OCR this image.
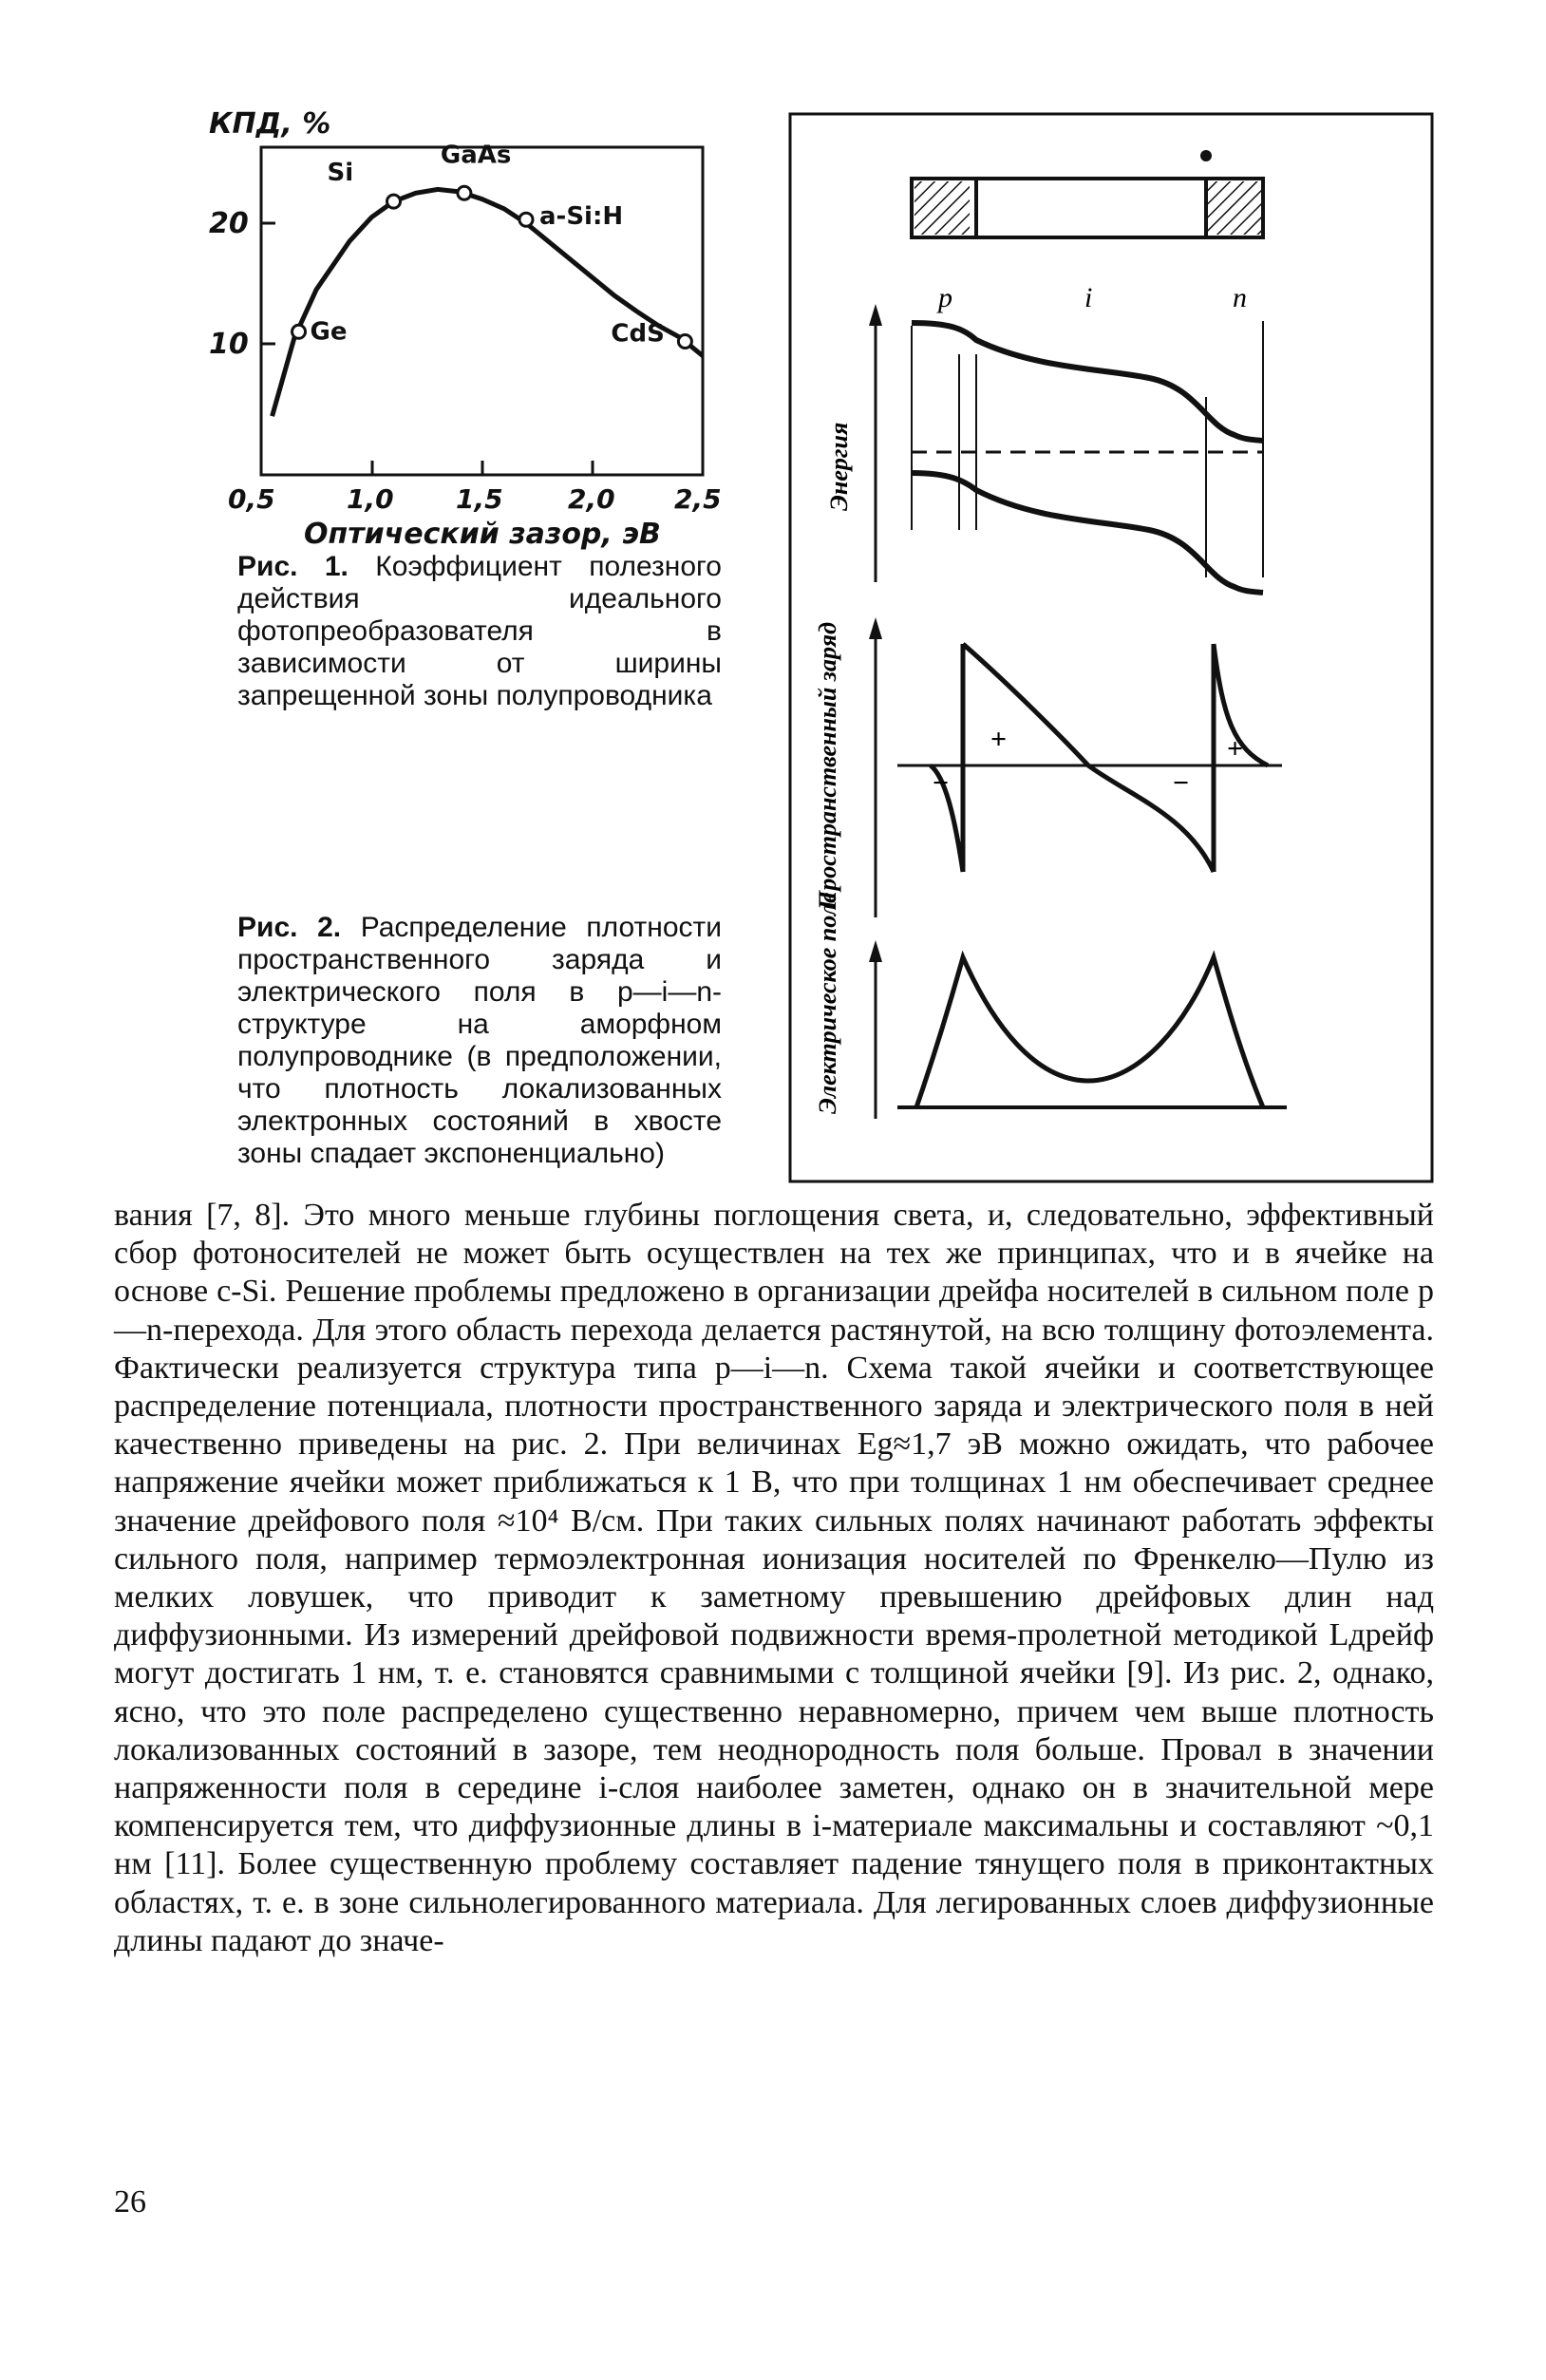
КПД, %
20
10
0,5	1,0 1,5 2,0 2,5
Оптический зазор, эВ
Ge
Si
GaAs
a-Si:H
CdS
Рис. 1. Коэффициент полезного действия идеального фотопреобразователя в зависимости от ширины запрещенной зоны полупроводника
Рис. 2. Распределение плотности пространственного заряда и электрического поля в p—i—n-структуре на аморфном полупроводнике (в предположении, что плотность локализованных электронных состояний в хвосте зоны спадает экспоненциально)
p	i	n
Энергия
Пространственный заряд	+	+
−	−
Электрическое поле

вания [7, 8]. Это много меньше глубины поглощения света, и, следовательно, эффективный сбор фотоносителей не может быть осуществлен на тех же принципах, что и в ячейке на основе c-Si. Решение проблемы предложено в организации дрейфа носителей в сильном поле p—n-перехода. Для этого область перехода делается растянутой, на всю толщину фотоэлемента. Фактически реализуется структура типа p—i—n. Схема такой ячейки и соответствующее распределение потенциала, плотности пространственного заряда и электрического поля в ней качественно приведены на рис. 2. При величинах Eg≈1,7 эВ можно ожидать, что рабочее напряжение ячейки может приближаться к 1 В, что при толщинах 1 нм обеспечивает среднее значение дрейфового поля ≈10⁴ В/см. При таких сильных полях начинают работать эффекты сильного поля, например термоэлектронная ионизация носителей по Френкелю—Пулю из мелких ловушек, что приводит к заметному превышению дрейфовых длин над диффузионными. Из измерений дрейфовой подвижности время-пролетной методикой Lдрейф могут достигать 1 нм, т. е. становятся сравнимыми с толщиной ячейки [9]. Из рис. 2, однако, ясно, что это поле распределено существенно неравномерно, причем чем выше плотность локализованных состояний в зазоре, тем неоднородность поля больше. Провал в значении напряженности поля в середине i-слоя наиболее заметен, однако он в значительной мере компенсируется тем, что диффузионные длины в i-материале максимальны и составляют ~0,1 нм [11]. Более существенную проблему составляет падение тянущего поля в приконтактных областях, т. е. в зоне сильнолегированного материала. Для легированных слоев диффузионные длины падают до значе-

26
